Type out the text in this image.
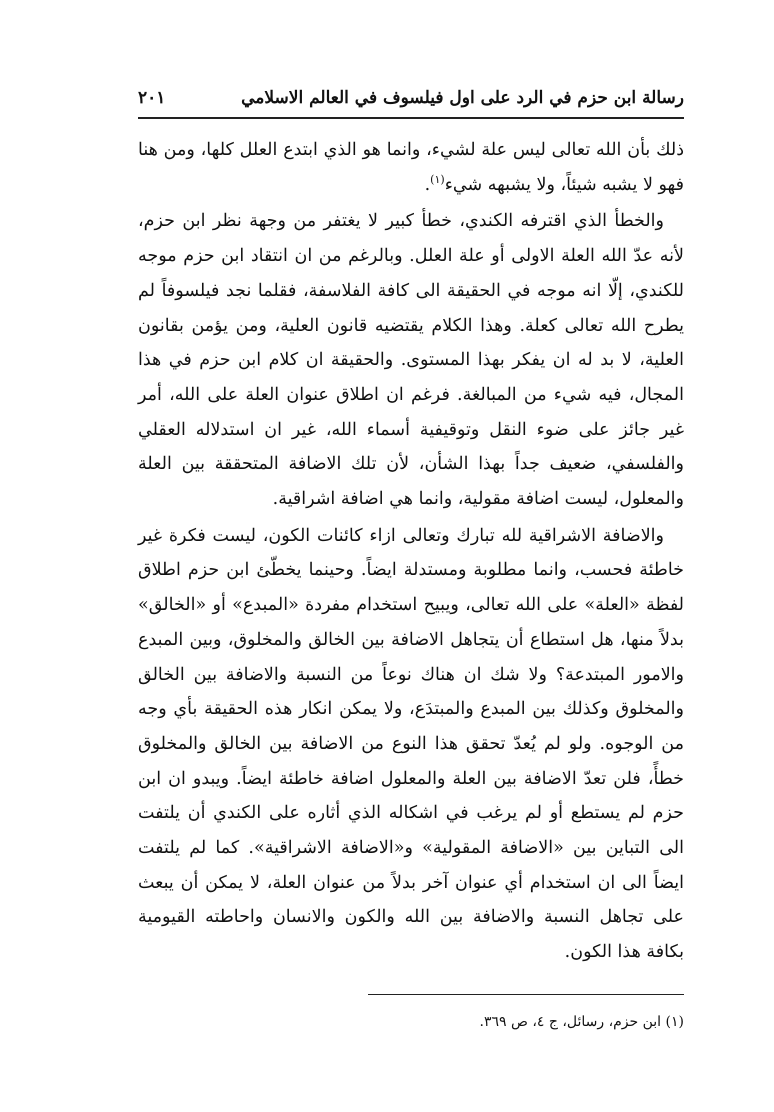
رسالة ابن حزم في الرد على اول فيلسوف في العالم الاسلامي
٢٠١

ذلك بأن الله تعالى ليس علة لشيء، وانما هو الذي ابتدع العلل كلها، ومن هنا فهو لا يشبه شيئاً، ولا يشبهه شيء$^{(١)}$.

والخطأ الذي اقترفه الكندي، خطأ كبير لا يغتفر من وجهة نظر ابن حزم، لأنه عدّ الله العلة الاولى أو علة العلل. وبالرغم من ان انتقاد ابن حزم موجه للكندي، إلّا انه موجه في الحقيقة الى كافة الفلاسفة، فقلما نجد فيلسوفاً لم يطرح الله تعالى كعلة. وهذا الكلام يقتضيه قانون العلية، ومن يؤمن بقانون العلية، لا بد له ان يفكر بهذا المستوى. والحقيقة ان كلام ابن حزم في هذا المجال، فيه شيء من المبالغة. فرغم ان اطلاق عنوان العلة على الله، أمر غير جائز على ضوء النقل وتوقيفية أسماء الله، غير ان استدلاله العقلي والفلسفي، ضعيف جداً بهذا الشأن، لأن تلك الاضافة المتحققة بين العلة والمعلول، ليست اضافة مقولية، وانما هي اضافة اشراقية.

والاضافة الاشراقية لله تبارك وتعالى ازاء كائنات الكون، ليست فكرة غير خاطئة فحسب، وانما مطلوبة ومستدلة ايضاً. وحينما يخطّئ ابن حزم اطلاق لفظة «العلة» على الله تعالى، ويبيح استخدام مفردة «المبدع» أو «الخالق» بدلاً منها، هل استطاع أن يتجاهل الاضافة بين الخالق والمخلوق، وبين المبدع والامور المبتدعة؟ ولا شك ان هناك نوعاً من النسبة والاضافة بين الخالق والمخلوق وكذلك بين المبدع والمبتدَع، ولا يمكن انكار هذه الحقيقة بأي وجه من الوجوه. ولو لم يُعدّ تحقق هذا النوع من الاضافة بين الخالق والمخلوق خطأً، فلن تعدّ الاضافة بين العلة والمعلول اضافة خاطئة ايضاً. ويبدو ان ابن حزم لم يستطع أو لم يرغب في اشكاله الذي أثاره على الكندي أن يلتفت الى التباين بين «الاضافة المقولية» و«الاضافة الاشراقية». كما لم يلتفت ايضاً الى ان استخدام أي عنوان آخر بدلاً من عنوان العلة، لا يمكن أن يبعث على تجاهل النسبة والاضافة بين الله والكون والانسان واحاطته القيومية بكافة هذا الكون.

(١) ابن حزم، رسائل، ج ٤، ص ٣٦٩.
